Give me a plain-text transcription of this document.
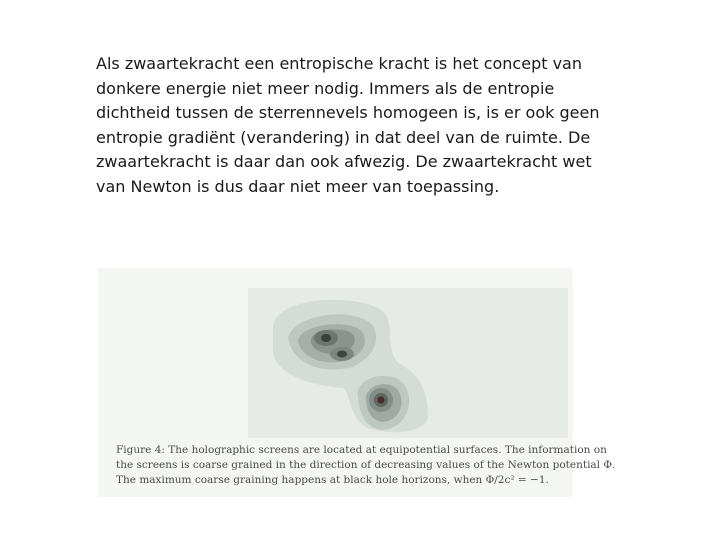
Als zwaartekracht een entropische kracht is het concept van donkere energie niet meer nodig. Immers als de entropie dichtheid tussen de sterrennevels homogeen is, is er ook geen entropie gradiënt (verandering) in dat deel van de ruimte. De zwaartekracht is daar dan ook afwezig. De zwaartekracht wet van Newton is dus daar niet meer van toepassing.

Figure 4: The holographic screens are located at equipotential surfaces. The information on
the screens is coarse grained in the direction of decreasing values of the Newton potential Φ.
The maximum coarse graining happens at black hole horizons, when Φ/2c² = −1.
